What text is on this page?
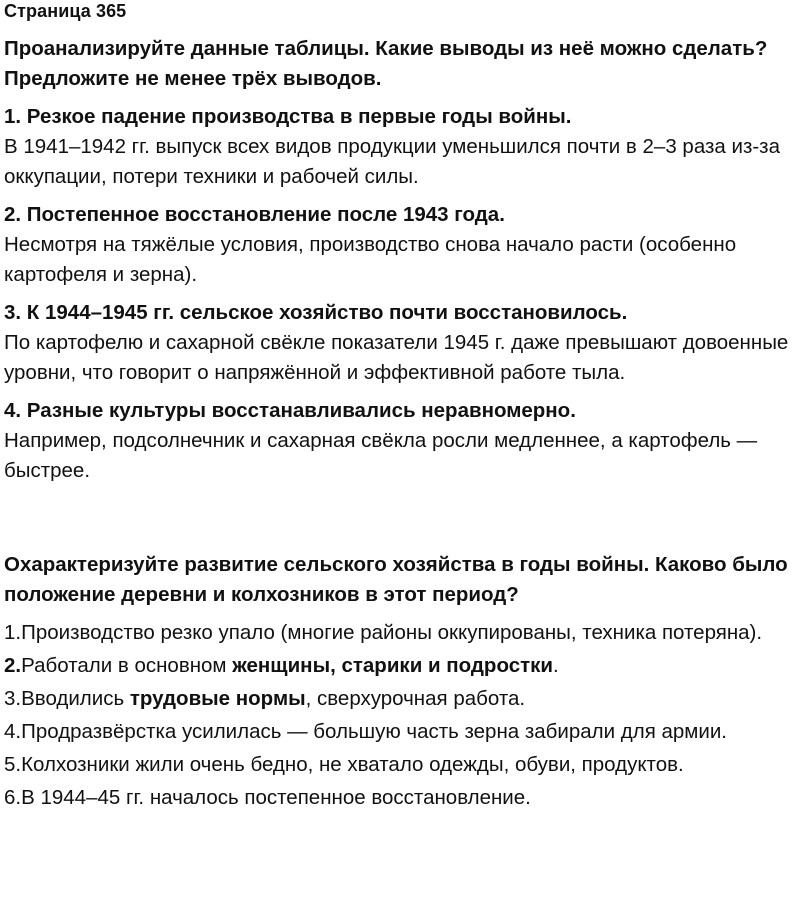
Страница 365
Проанализируйте данные таблицы. Какие выводы из неё можно сделать? Предложите не менее трёх выводов.
1. Резкое падение производства в первые годы войны.
В 1941–1942 гг. выпуск всех видов продукции уменьшился почти в 2–3 раза из-за оккупации, потери техники и рабочей силы.
2. Постепенное восстановление после 1943 года.
Несмотря на тяжёлые условия, производство снова начало расти (особенно картофеля и зерна).
3. К 1944–1945 гг. сельское хозяйство почти восстановилось.
По картофелю и сахарной свёкле показатели 1945 г. даже превышают довоенные уровни, что говорит о напряжённой и эффективной работе тыла.
4. Разные культуры восстанавливались неравномерно.
Например, подсолнечник и сахарная свёкла росли медленнее, а картофель — быстрее.
Охарактеризуйте развитие сельского хозяйства в годы войны. Каково было положение деревни и колхозников в этот период?
1. Производство резко упало (многие районы оккупированы, техника потеряна).
2. Работали в основном женщины, старики и подростки.
3. Вводились трудовые нормы, сверхурочная работа.
4. Продразвёрстка усилилась — большую часть зерна забирали для армии.
5. Колхозники жили очень бедно, не хватало одежды, обуви, продуктов.
6. В 1944–45 гг. началось постепенное восстановление.
